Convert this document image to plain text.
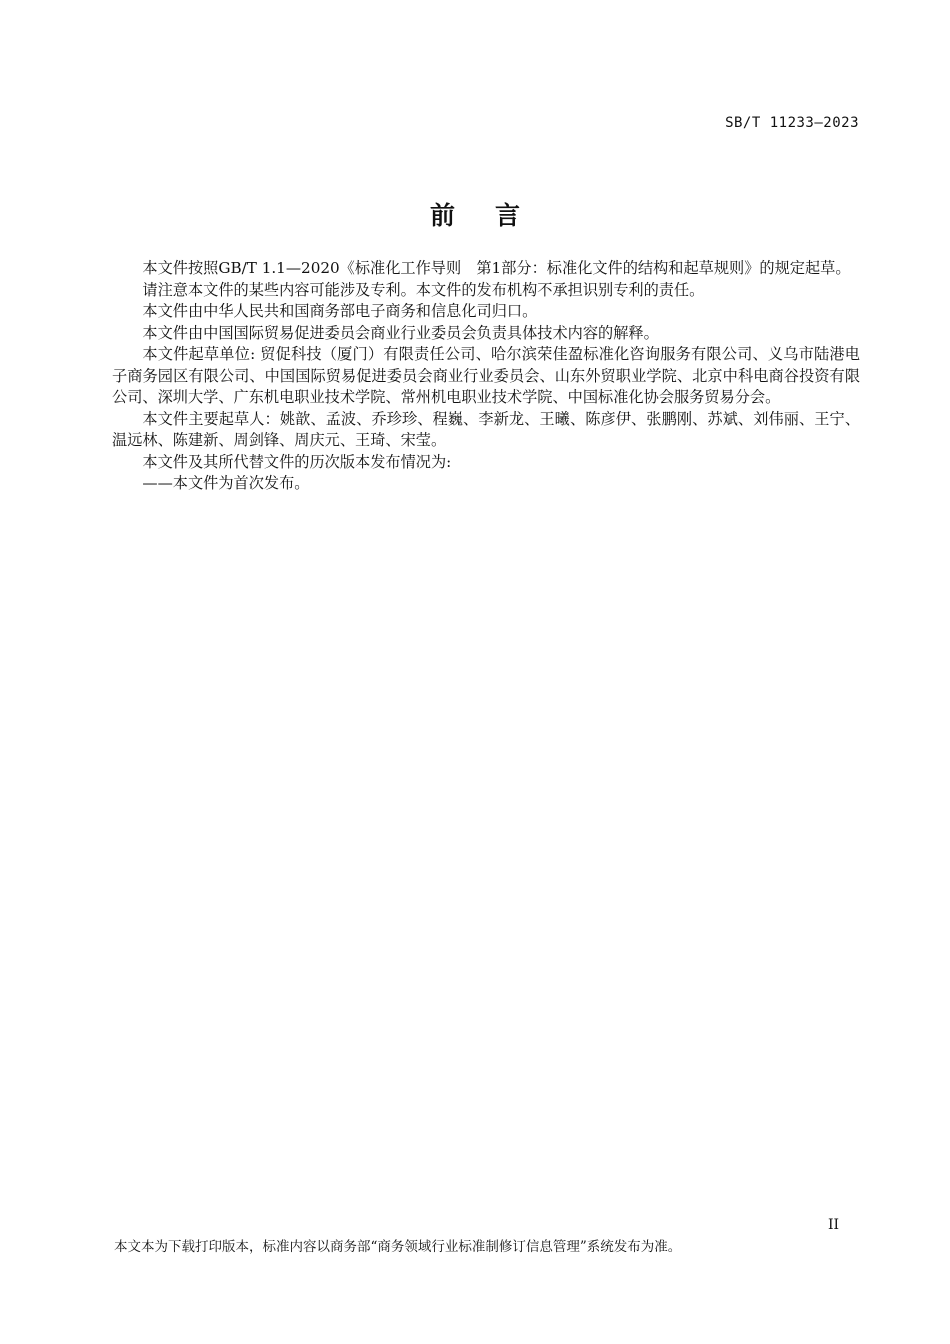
SB/T 11233—2023
前言

本文件按照GB/T 1.1—2020《标准化工作导则　第1部分：标准化文件的结构和起草规则》的规定起草。

请注意本文件的某些内容可能涉及专利。本文件的发布机构不承担识别专利的责任。

本文件由中华人民共和国商务部电子商务和信息化司归口。

本文件由中国国际贸易促进委员会商业行业委员会负责具体技术内容的解释。

本文件起草单位: 贸促科技（厦门）有限责任公司、哈尔滨荣佳盈标准化咨询服务有限公司、义乌市陆港电子商务园区有限公司、中国国际贸易促进委员会商业行业委员会、山东外贸职业学院、北京中科电商谷投资有限公司、深圳大学、广东机电职业技术学院、常州机电职业技术学院、中国标准化协会服务贸易分会。

本文件主要起草人：姚歆、孟波、乔珍珍、程巍、李新龙、王曦、陈彦伊、张鹏刚、苏斌、刘伟丽、王宁、温远林、陈建新、周剑锋、周庆元、王琦、宋莹。

本文件及其所代替文件的历次版本发布情况为:

——本文件为首次发布。

II
本文本为下载打印版本，标准内容以商务部“商务领域行业标准制修订信息管理”系统发布为准。
